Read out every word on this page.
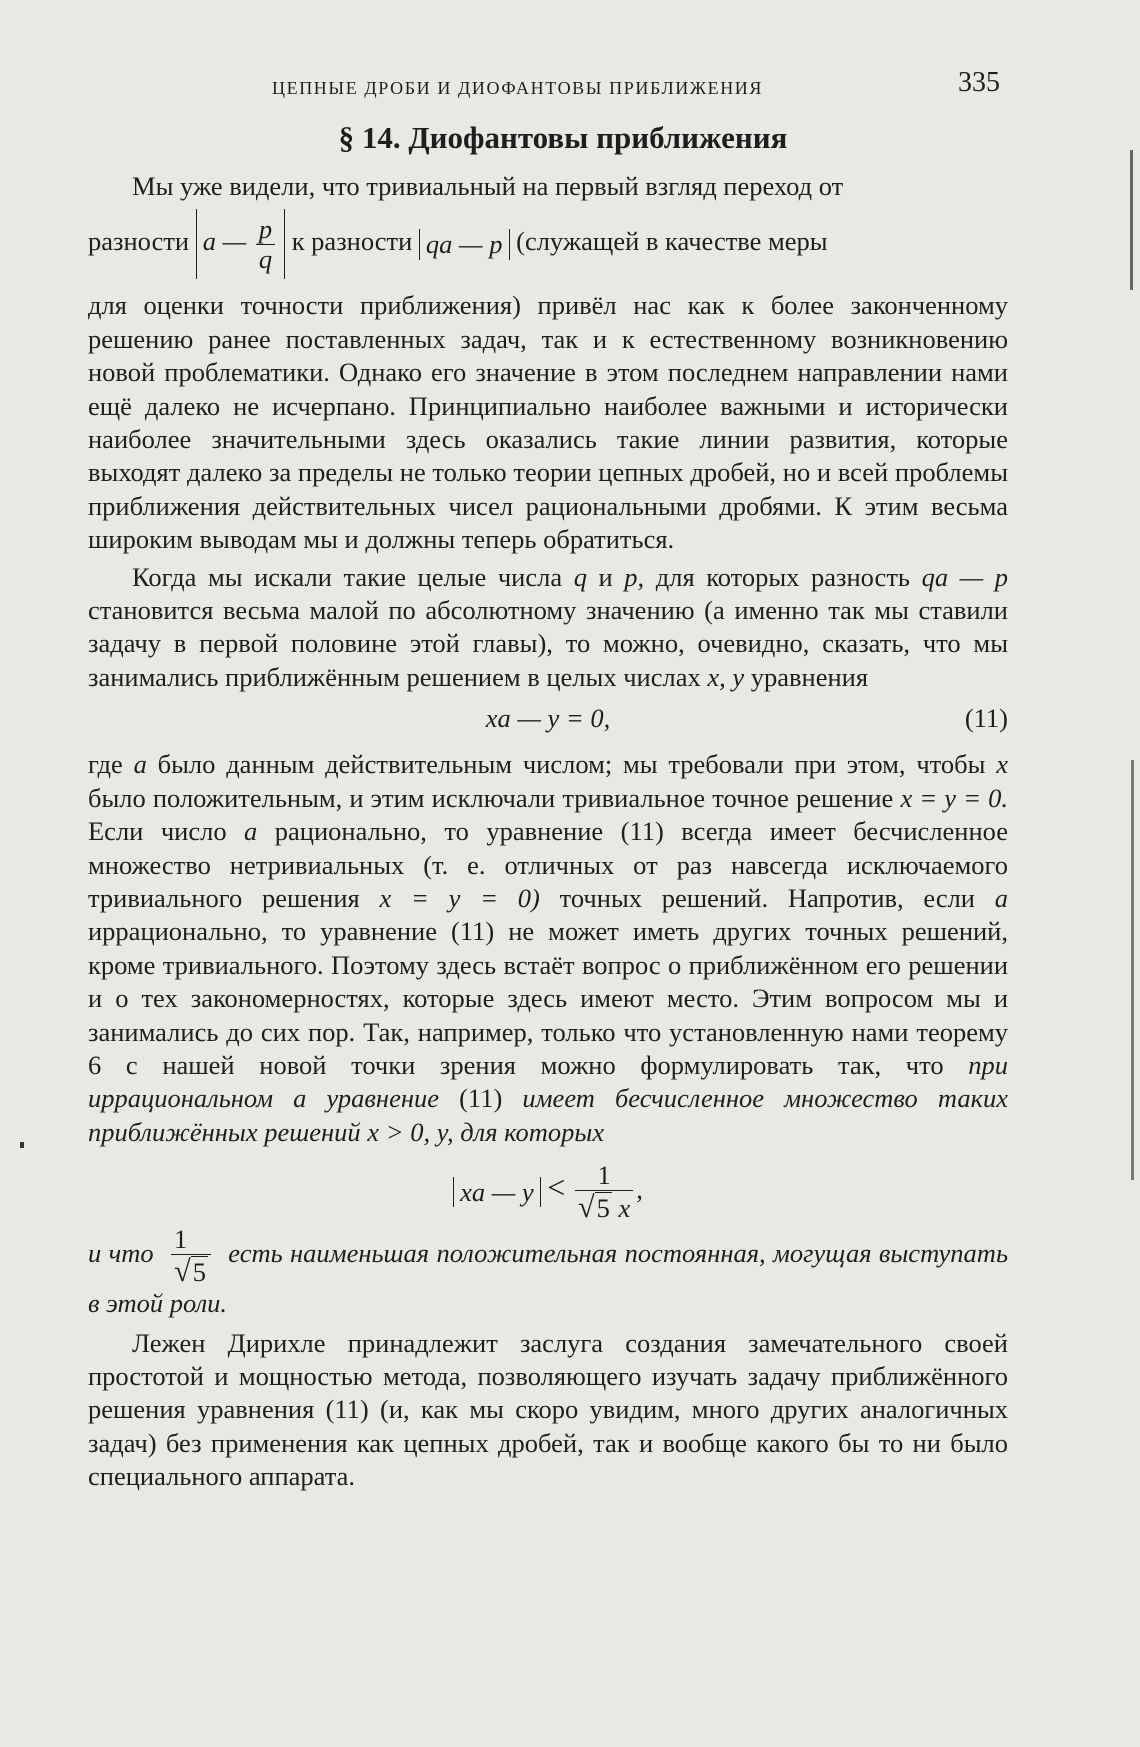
ЦЕПНЫЕ ДРОБИ И ДИОФАНТОВЫ ПРИБЛИЖЕНИЯ	335
§ 14. Диофантовы приближения

Мы уже видели, что тривиальный на первый взгляд переход от

разности a — $\frac{p}{q}$ к разности qa — p (служащей в качестве меры

для оценки точности приближения) привёл нас как к более законченному решению ранее поставленных задач, так и к естественному возникновению новой проблематики. Однако его значение в этом последнем направлении нами ещё далеко не исчерпано. Принципиально наиболее важными и исторически наиболее значительными здесь оказались такие линии развития, которые выходят далеко за пределы не только теории цепных дробей, но и всей проблемы приближения действительных чисел рациональными дробями. К этим весьма широким выводам мы и должны теперь обратиться.

Когда мы искали такие целые числа q и p, для которых разность qa — p становится весьма малой по абсолютному значению (а именно так мы ставили задачу в первой половине этой главы), то можно, очевидно, сказать, что мы занимались приближённым решением в целых числах x, y уравнения

xa — y = 0,	(11)

где a было данным действительным числом; мы требовали при этом, чтобы x было положительным, и этим исключали тривиальное точное решение x = y = 0. Если число a рационально, то уравнение (11) всегда имеет бесчисленное множество нетривиальных (т. е. отличных от раз навсегда исключаемого тривиального решения x = y = 0) точных решений. Напротив, если a иррационально, то уравнение (11) не может иметь других точных решений, кроме тривиального. Поэтому здесь встаёт вопрос о приближённом его решении и о тех закономерностях, которые здесь имеют место. Этим вопросом мы и занимались до сих пор. Так, например, только что установленную нами теорему 6 с нашей новой точки зрения можно формулировать так, что при иррациональном a уравнение (11) имеет бесчисленное множество таких приближённых решений x > 0, y, для которых

xa — $y < \frac{1}{√5 x}$ ,

и что $\frac{1}{√5}$ есть наименьшая положительная постоянная, могущая выступать в этой роли.

Лежен Дирихле принадлежит заслуга создания замечательного своей простотой и мощностью метода, позволяющего изучать задачу приближённого решения уравнения (11) (и, как мы скоро увидим, много других аналогичных задач) без применения как цепных дробей, так и вообще какого бы то ни было специального аппарата.
